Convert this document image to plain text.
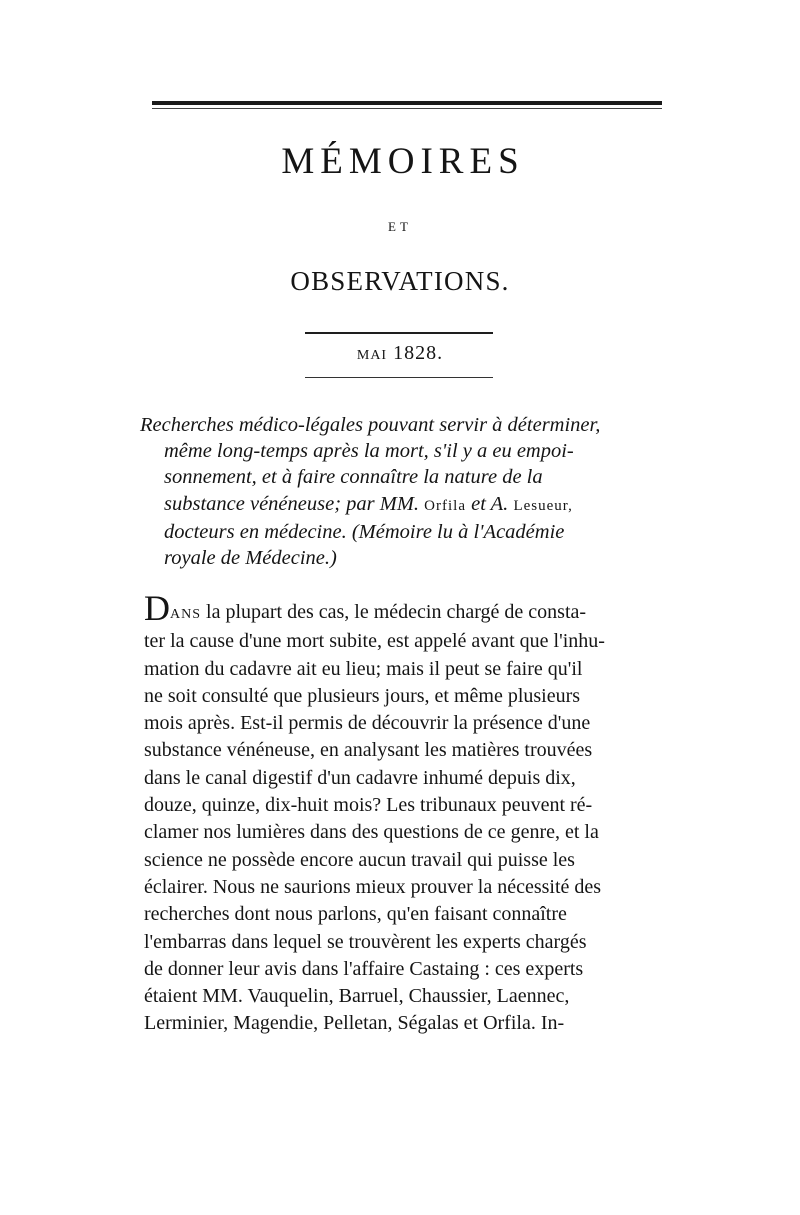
MÉMOIRES
ET
OBSERVATIONS.
MAI 1828.
Recherches médico-légales pouvant servir à déterminer,
même long-temps après la mort, s'il y a eu empoi-
sonnement, et à faire connaître la nature de la
substance vénéneuse; par MM. Orfila et A. Lesueur,
docteurs en médecine. (Mémoire lu à l'Académie
royale de Médecine.)
DANS la plupart des cas, le médecin chargé de consta-
ter la cause d'une mort subite, est appelé avant que l'inhu-
mation du cadavre ait eu lieu; mais il peut se faire qu'il
ne soit consulté que plusieurs jours, et même plusieurs
mois après. Est-il permis de découvrir la présence d'une
substance vénéneuse, en analysant les matières trouvées
dans le canal digestif d'un cadavre inhumé depuis dix,
douze, quinze, dix-huit mois? Les tribunaux peuvent ré-
clamer nos lumières dans des questions de ce genre, et la
science ne possède encore aucun travail qui puisse les
éclairer. Nous ne saurions mieux prouver la nécessité des
recherches dont nous parlons, qu'en faisant connaître
l'embarras dans lequel se trouvèrent les experts chargés
de donner leur avis dans l'affaire Castaing : ces experts
étaient MM. Vauquelin, Barruel, Chaussier, Laennec,
Lerminier, Magendie, Pelletan, Ségalas et Orfila. In-
